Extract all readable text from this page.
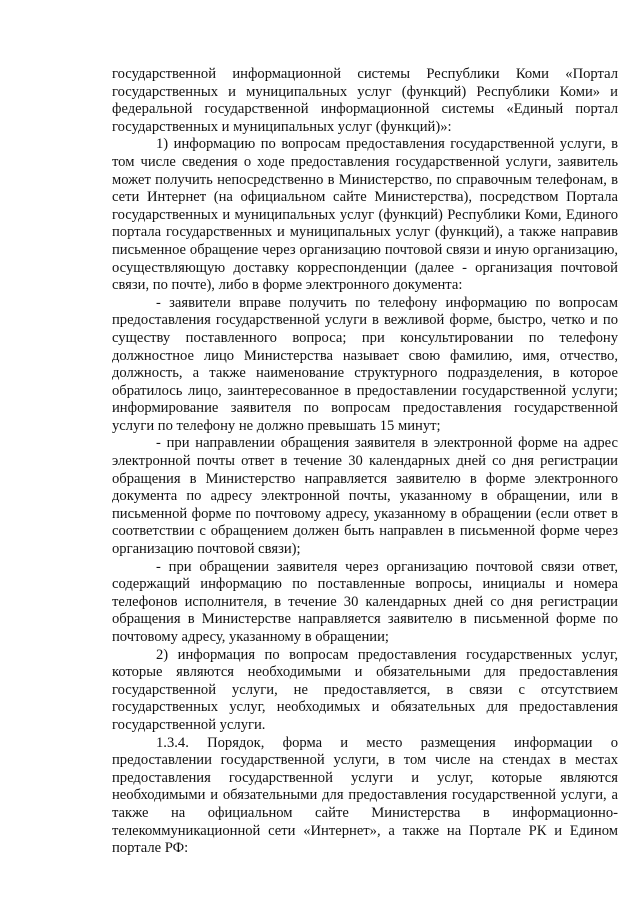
государственной информационной системы Республики Коми «Портал государственных и муниципальных услуг (функций) Республики Коми» и федеральной государственной информационной системы «Единый портал государственных и муниципальных услуг (функций)»:

1) информацию по вопросам предоставления государственной услуги, в том числе сведения о ходе предоставления государственной услуги, заявитель может получить непосредственно в Министерство, по справочным телефонам, в сети Интернет (на официальном сайте Министерства), посредством Портала государственных и муниципальных услуг (функций) Республики Коми, Единого портала государственных и муниципальных услуг (функций), а также направив письменное обращение через организацию почтовой связи и иную организацию, осуществляющую доставку корреспонденции (далее - организация почтовой связи, по почте), либо в форме электронного документа:

- заявители вправе получить по телефону информацию по вопросам предоставления государственной услуги в вежливой форме, быстро, четко и по существу поставленного вопроса; при консультировании по телефону должностное лицо Министерства называет свою фамилию, имя, отчество, должность, а также наименование структурного подразделения, в которое обратилось лицо, заинтересованное в предоставлении государственной услуги; информирование заявителя по вопросам предоставления государственной услуги по телефону не должно превышать 15 минут;

- при направлении обращения заявителя в электронной форме на адрес электронной почты ответ в течение 30 календарных дней со дня регистрации обращения в Министерство направляется заявителю в форме электронного документа по адресу электронной почты, указанному в обращении, или в письменной форме по почтовому адресу, указанному в обращении (если ответ в соответствии с обращением должен быть направлен в письменной форме через организацию почтовой связи);

- при обращении заявителя через организацию почтовой связи ответ, содержащий информацию по поставленные вопросы, инициалы и номера телефонов исполнителя, в течение 30 календарных дней со дня регистрации обращения в Министерстве направляется заявителю в письменной форме по почтовому адресу, указанному в обращении;

2) информация по вопросам предоставления государственных услуг, которые являются необходимыми и обязательными для предоставления государственной услуги, не предоставляется, в связи с отсутствием государственных услуг, необходимых и обязательных для предоставления государственной услуги.

1.3.4. Порядок, форма и место размещения информации о предоставлении государственной услуги, в том числе на стендах в местах предоставления государственной услуги и услуг, которые являются необходимыми и обязательными для предоставления государственной услуги, а также на официальном сайте Министерства в информационно-телекоммуникационной сети «Интернет», а также на Портале РК и Едином портале РФ:
